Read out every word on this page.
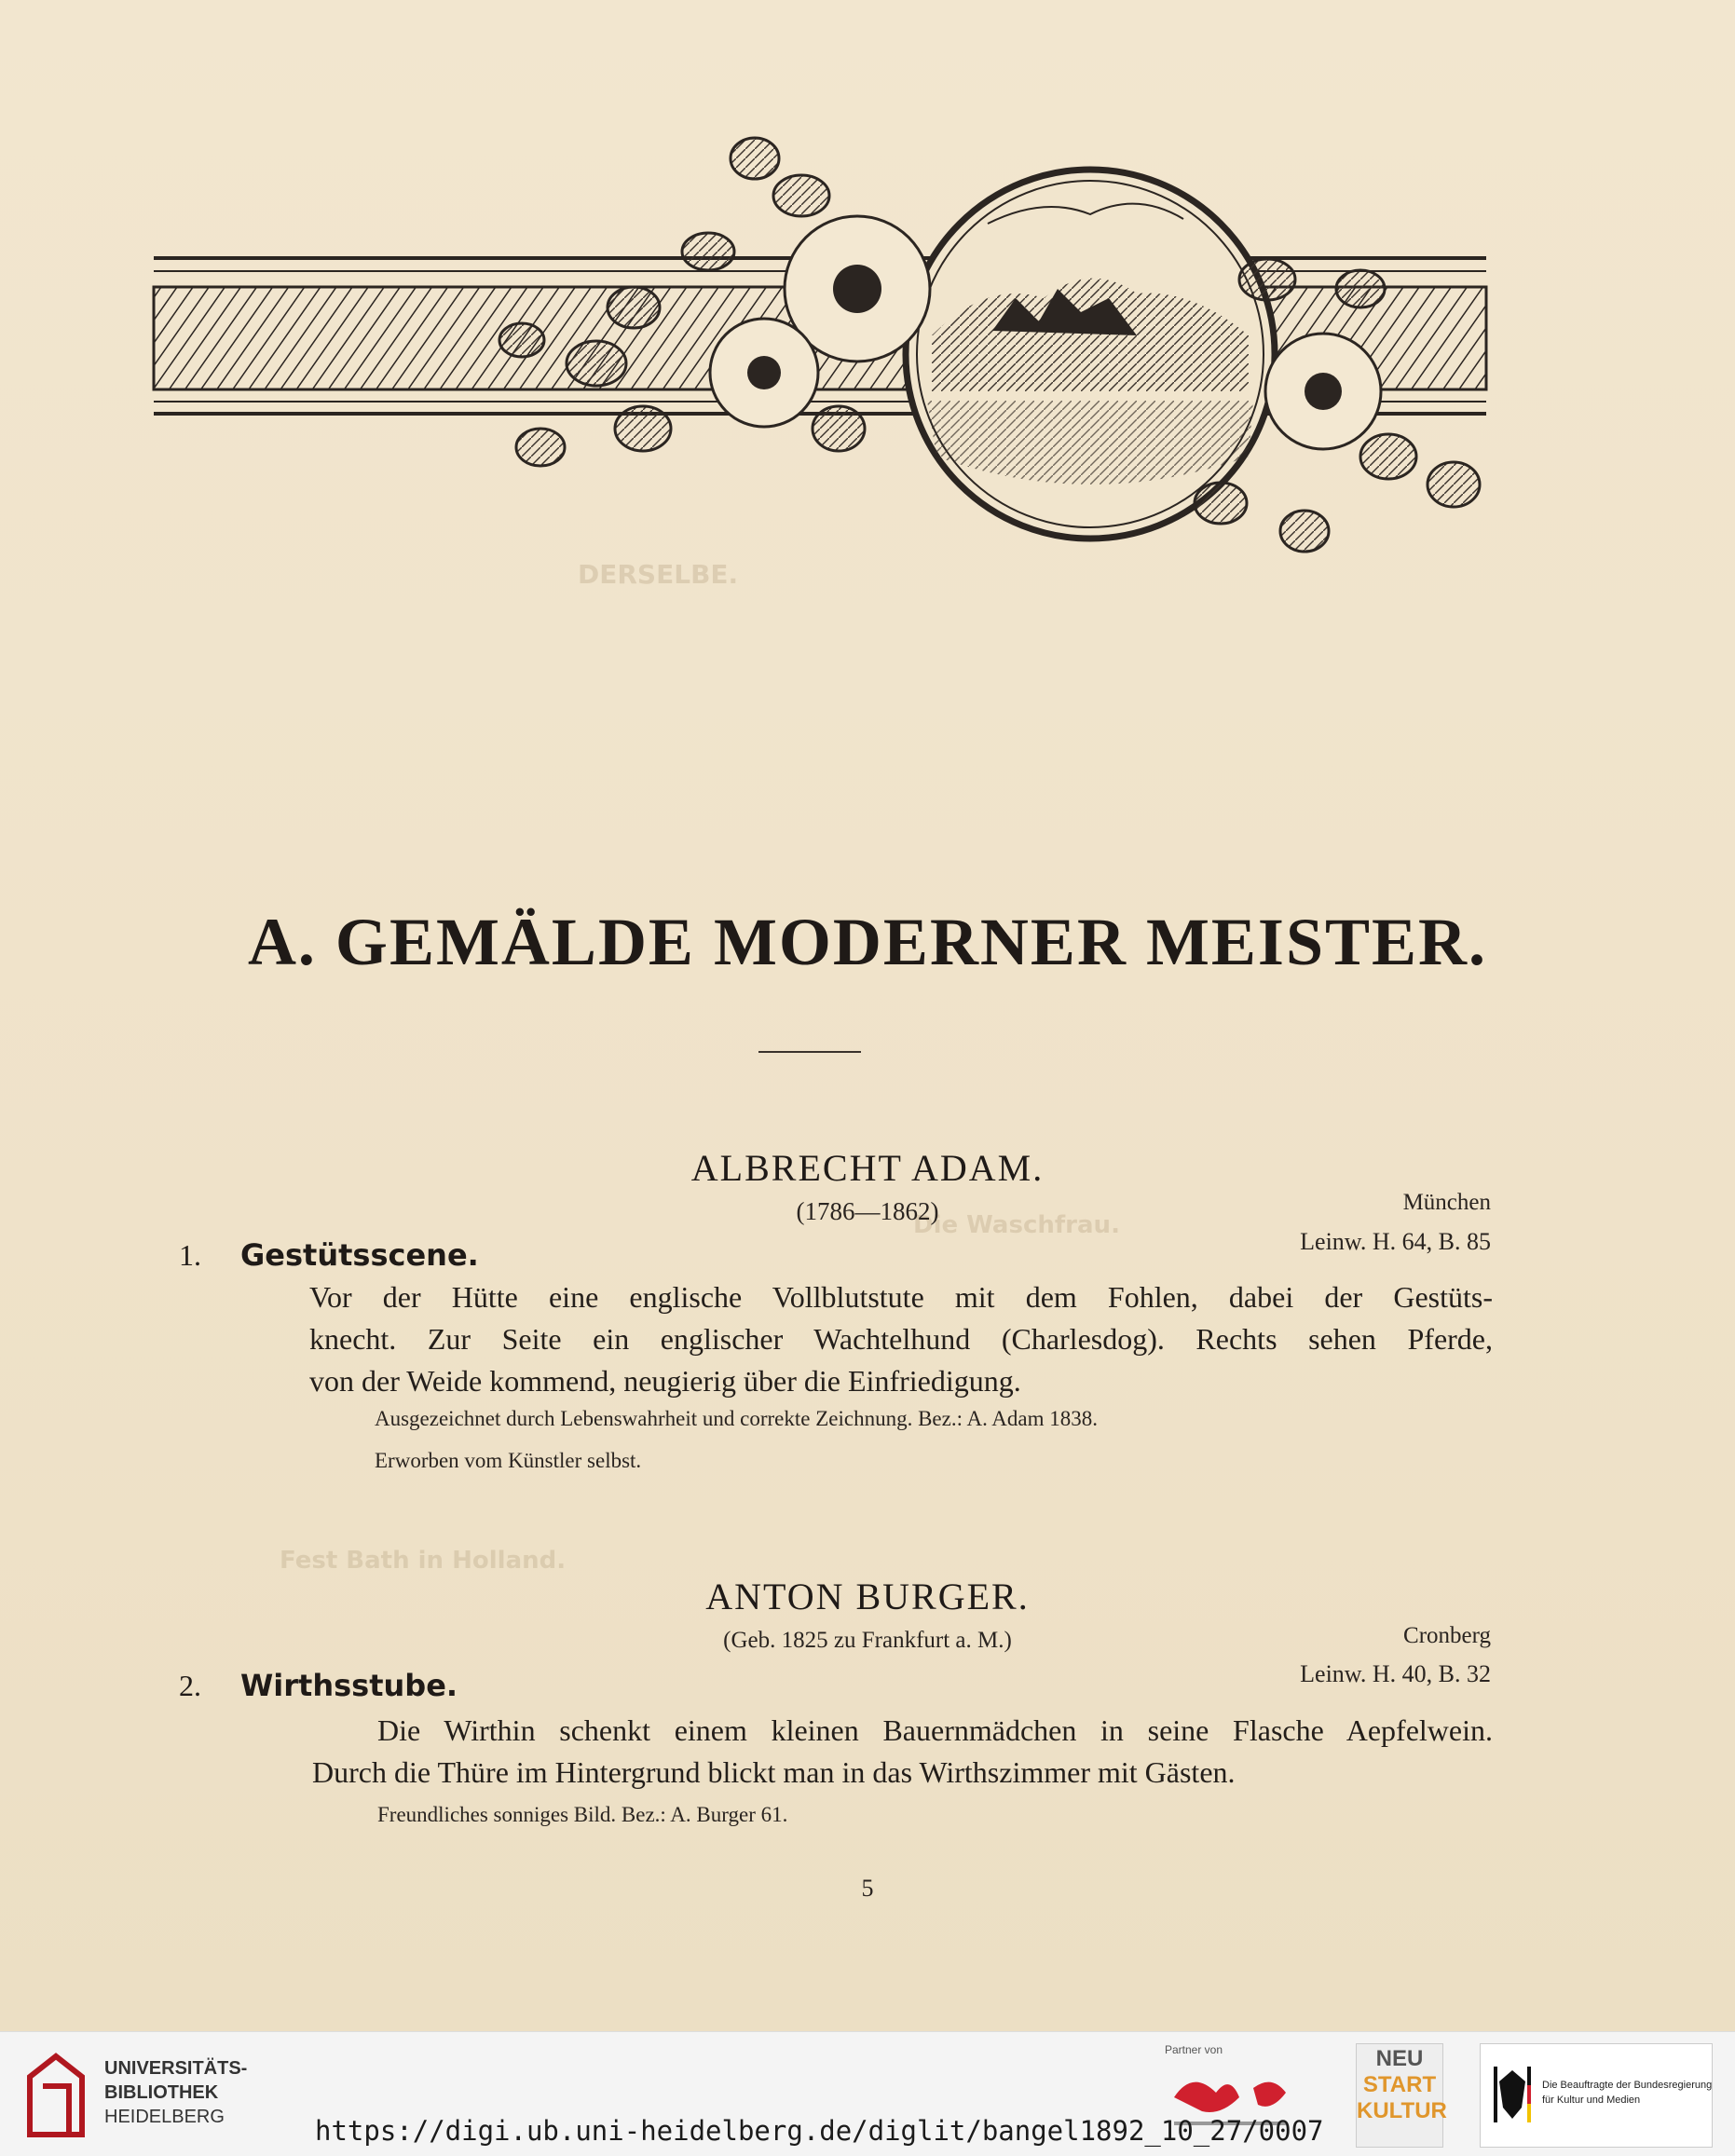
DERSELBE.
Die Waschfrau.
Fest Bath in Holland.
A. GEMÄLDE MODERNER MEISTER.
ALBRECHT ADAM.
(1786—1862)	München
1. Gestütsscene.	Leinw. H. 64, B. 85
Vor der Hütte eine englische Vollblutstute mit dem Fohlen, dabei der Gestüts-
knecht. Zur Seite ein englischer Wachtelhund (Charlesdog). Rechts sehen Pferde,
von der Weide kommend, neugierig über die Einfriedigung.
Ausgezeichnet durch Lebenswahrheit und correkte Zeichnung. Bez.: A. Adam 1838.
Erworben vom Künstler selbst.
ANTON BURGER.
(Geb. 1825 zu Frankfurt a. M.)	Cronberg
2. Wirthsstube.	Leinw. H. 40, B. 32
Die Wirthin schenkt einem kleinen Bauernmädchen in seine Flasche Aepfelwein.
Durch die Thüre im Hintergrund blickt man in das Wirthszimmer mit Gästen.
Freundliches sonniges Bild. Bez.: A. Burger 61.
5
UNIVERSITÄTS-
BIBLIOTHEK
HEIDELBERG
Partner von	NEU
START
KULTUR
Die Beauftragte der Bundesregierung
für Kultur und Medien
https://digi.ub.uni-heidelberg.de/diglit/bangel1892_10_27/0007
